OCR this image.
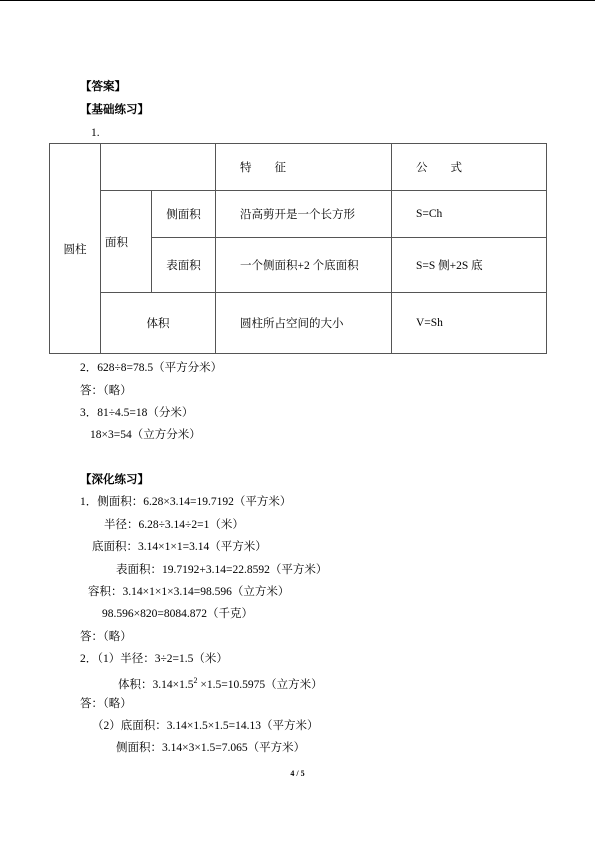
【答案】
【基础练习】
1.
圆柱			特　　征	公　　式
	面积	侧面积	沿高剪开是一个长方形	S=Ch
		表面积	一个侧面积+2 个底面积	S=S 侧+2S 底
	体积		圆柱所占空间的大小	V=Sh
2．628÷8=78.5（平方分米）
答：（略）
3．81÷4.5=18（分米）
18×3=54（立方分米）
【深化练习】
1．侧面积：6.28×3.14=19.7192（平方米）
半径：6.28÷3.14÷2=1（米）
底面积：3.14×1×1=3.14（平方米）
表面积：19.7192+3.14=22.8592（平方米）
容积：3.14×1×1×3.14=98.596（立方米）
98.596×820=8084.872（千克）
答：（略）
2．（1）半径：3÷2=1.5（米）
体积：$3.14\times 1.5^2 \times 1.5=10.5975$（立方米）
答：（略）
（2）底面积：3.14×1.5×1.5=14.13（平方米）
侧面积：3.14×3×1.5=7.065（平方米）
4 / 5
